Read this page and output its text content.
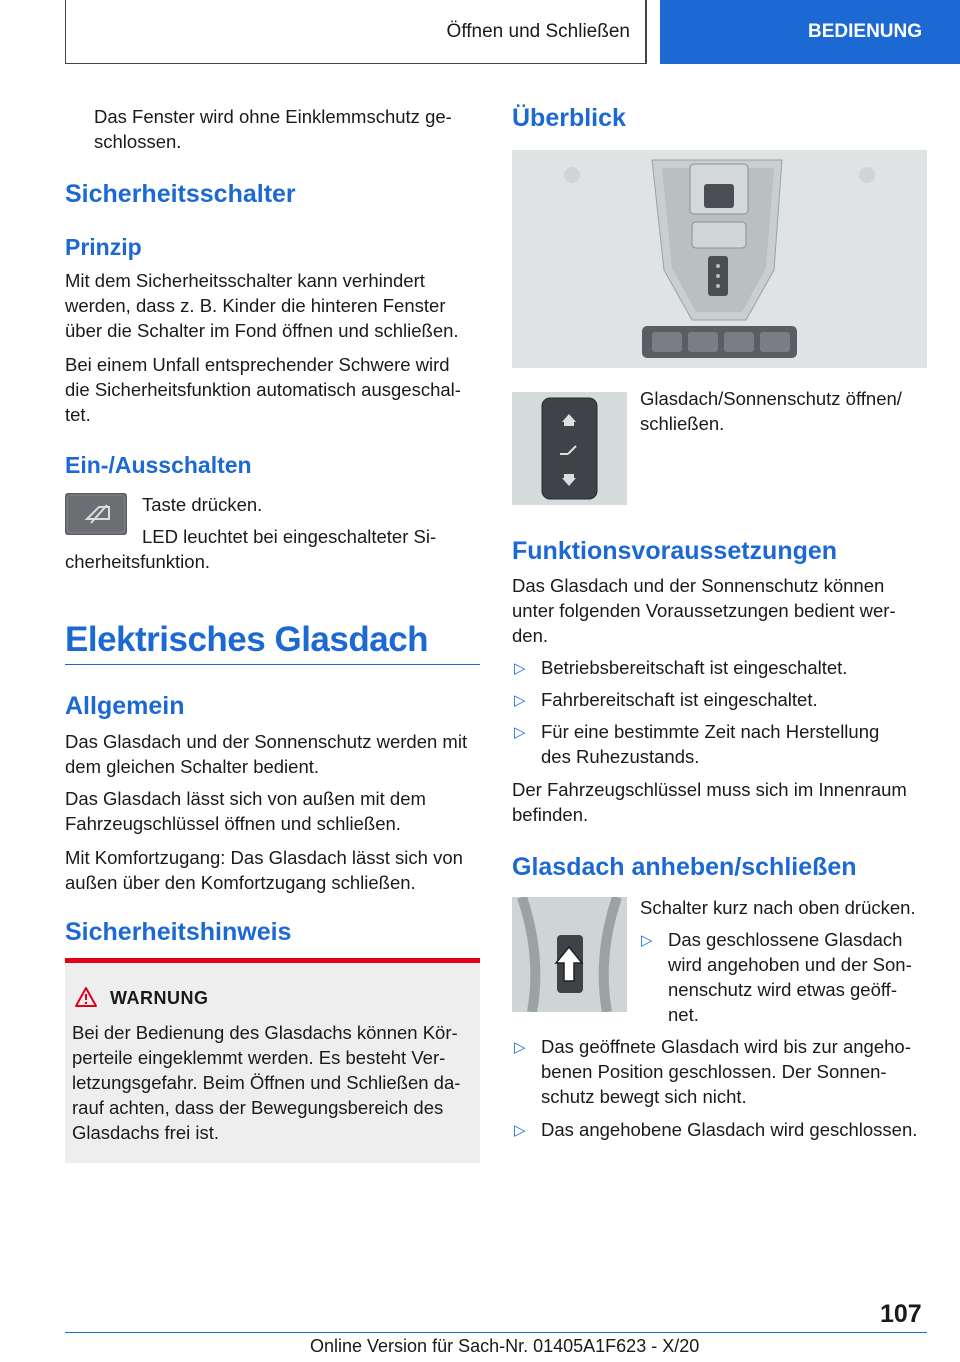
Öffnen und Schließen	BEDIENUNG

Das Fenster wird ohne Einklemmschutz ge-
schlossen.

Sicherheitsschalter
Prinzip

Mit dem Sicherheitsschalter kann verhindert
werden, dass z. B. Kinder die hinteren Fenster
über die Schalter im Fond öffnen und schließen.

Bei einem Unfall entsprechender Schwere wird
die Sicherheitsfunktion automatisch ausgeschal-
tet.

Ein-/Ausschalten

Taste drücken.

LED leuchtet bei eingeschalteter Si-

cherheitsfunktion.

Elektrisches Glasdach
Allgemein

Das Glasdach und der Sonnenschutz werden mit
dem gleichen Schalter bedient.

Das Glasdach lässt sich von außen mit dem
Fahrzeugschlüssel öffnen und schließen.

Mit Komfortzugang: Das Glasdach lässt sich von
außen über den Komfortzugang schließen.

Sicherheitshinweis
WARNUNG

Bei der Bedienung des Glasdachs können Kör-
perteile eingeklemmt werden. Es besteht Ver-
letzungsgefahr. Beim Öffnen und Schließen da-
rauf achten, dass der Bewegungsbereich des
Glasdachs frei ist.

Überblick

Glasdach/Sonnenschutz öffnen/
schließen.

Funktionsvoraussetzungen

Das Glasdach und der Sonnenschutz können
unter folgenden Voraussetzungen bedient wer-
den.

▷ Betriebsbereitschaft ist eingeschaltet.

▷ Fahrbereitschaft ist eingeschaltet.

▷ Für eine bestimmte Zeit nach Herstellung
des Ruhezustands.

Der Fahrzeugschlüssel muss sich im Innenraum
befinden.

Glasdach anheben/schließen

Schalter kurz nach oben drücken.

▷ Das geschlossene Glasdach
wird angehoben und der Son-
nenschutz wird etwas geöff-
net.

▷ Das geöffnete Glasdach wird bis zur angeho-
benen Position geschlossen. Der Sonnen-
schutz bewegt sich nicht.

▷ Das angehobene Glasdach wird geschlossen.

107
Online Version für Sach-Nr. 01405A1F623 - X/20
